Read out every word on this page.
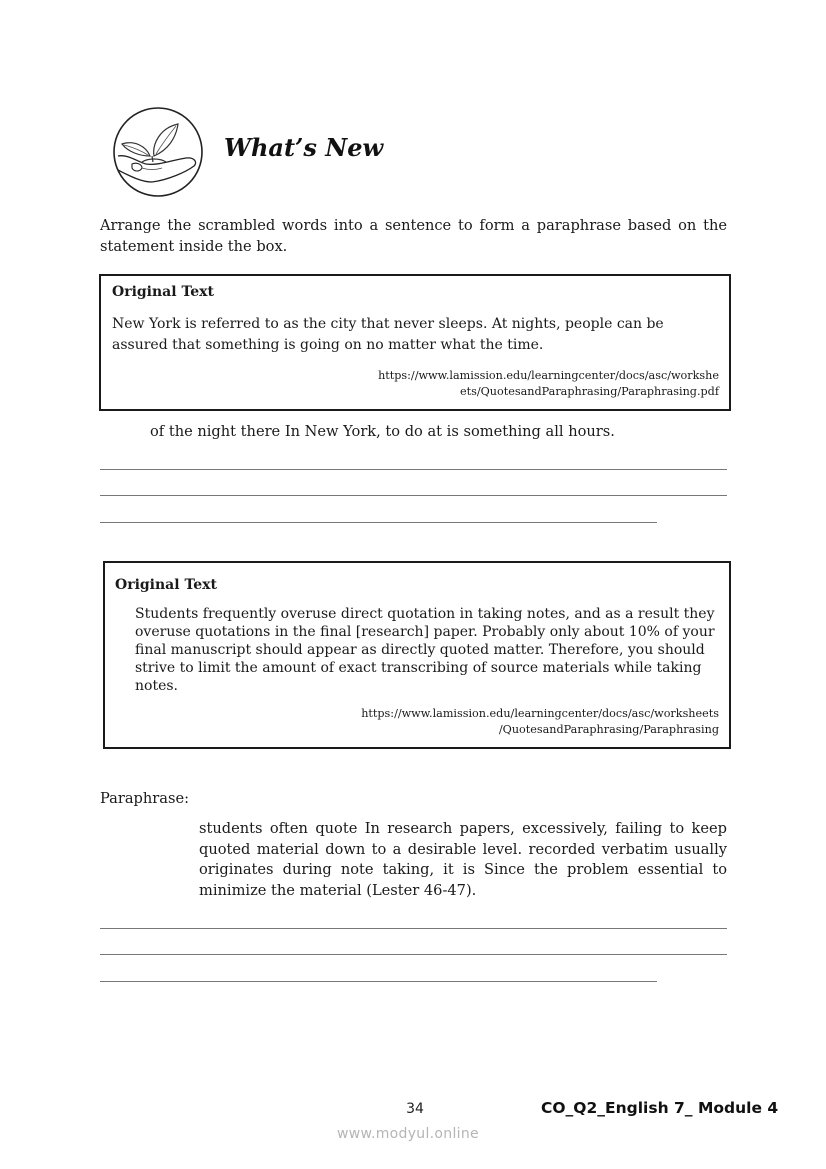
What’s New
Arrange the scrambled words into a sentence to form a paraphrase based on the statement inside the box.
Original Text
New York is referred to as the city that never sleeps. At nights, people can be assured that something is going on no matter what the time.
https://www.lamission.edu/learningcenter/docs/asc/workshe
ets/QuotesandParaphrasing/Paraphrasing.pdf
of the night there In New York, to do at is something all hours.
Original Text
Students frequently overuse direct quotation in taking notes, and as a result they overuse quotations in the final [research] paper. Probably only about 10% of your final manuscript should appear as directly quoted matter. Therefore, you should strive to limit the amount of exact transcribing of source materials while taking notes.
https://www.lamission.edu/learningcenter/docs/asc/worksheets
/QuotesandParaphrasing/Paraphrasing
Paraphrase:
students often quote In research papers, excessively, failing to keep quoted material down to a desirable level. recorded verbatim usually originates during note taking, it is Since the problem essential to minimize the material (Lester 46-47).
34	CO_Q2_English 7_ Module 4
www.modyul.online
